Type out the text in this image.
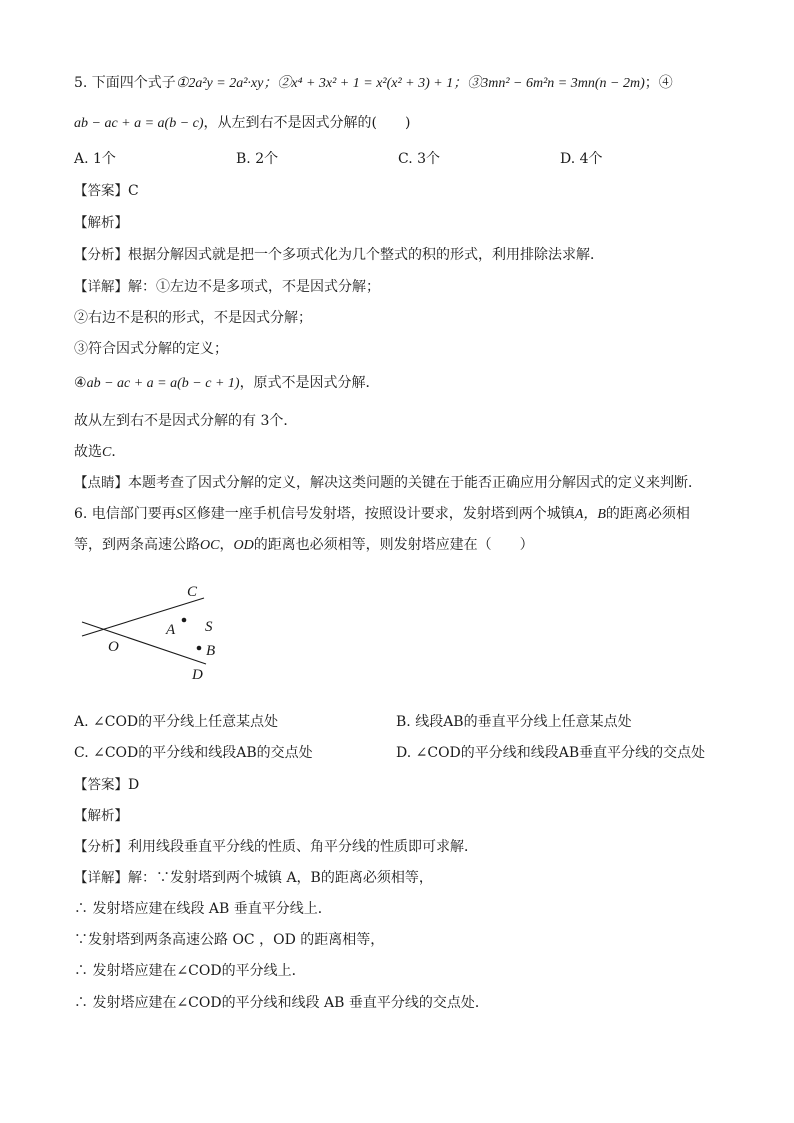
5. 下面四个式子①2a²y = 2a²·xy；②x⁴ + 3x² + 1 = x²(x² + 3) + 1；③3mn² − 6m²n = 3mn(n − 2m)；④
ab − ac + a = a(b − c)，从左到右不是因式分解的(　　)
A. 1个	B. 2个	C. 3个	D. 4个
【答案】C
【解析】
【分析】根据分解因式就是把一个多项式化为几个整式的积的形式，利用排除法求解．
【详解】解：①左边不是多项式，不是因式分解；
②右边不是积的形式，不是因式分解；
③符合因式分解的定义；
④ab − ac + a = a(b − c + 1)，原式不是因式分解．
故从左到右不是因式分解的有 3个．
故选C．
【点睛】本题考查了因式分解的定义，解决这类问题的关键在于能否正确应用分解因式的定义来判断．
6. 电信部门要再S区修建一座手机信号发射塔，按照设计要求，发射塔到两个城镇A，B的距离必须相
等，到两条高速公路OC，OD的距离也必须相等，则发射塔应建在（　　）
C
A S
O	B
D
A. ∠COD的平分线上任意某点处	B. 线段AB的垂直平分线上任意某点处
C. ∠COD的平分线和线段AB的交点处	D. ∠COD的平分线和线段AB垂直平分线的交点处
【答案】D
【解析】
【分析】利用线段垂直平分线的性质、角平分线的性质即可求解．
【详解】解：∵发射塔到两个城镇 A，B的距离必须相等，
∴ 发射塔应建在线段 AB 垂直平分线上．
∵发射塔到两条高速公路 OC ，OD 的距离相等，
∴ 发射塔应建在∠COD的平分线上．
∴ 发射塔应建在∠COD的平分线和线段 AB 垂直平分线的交点处．
